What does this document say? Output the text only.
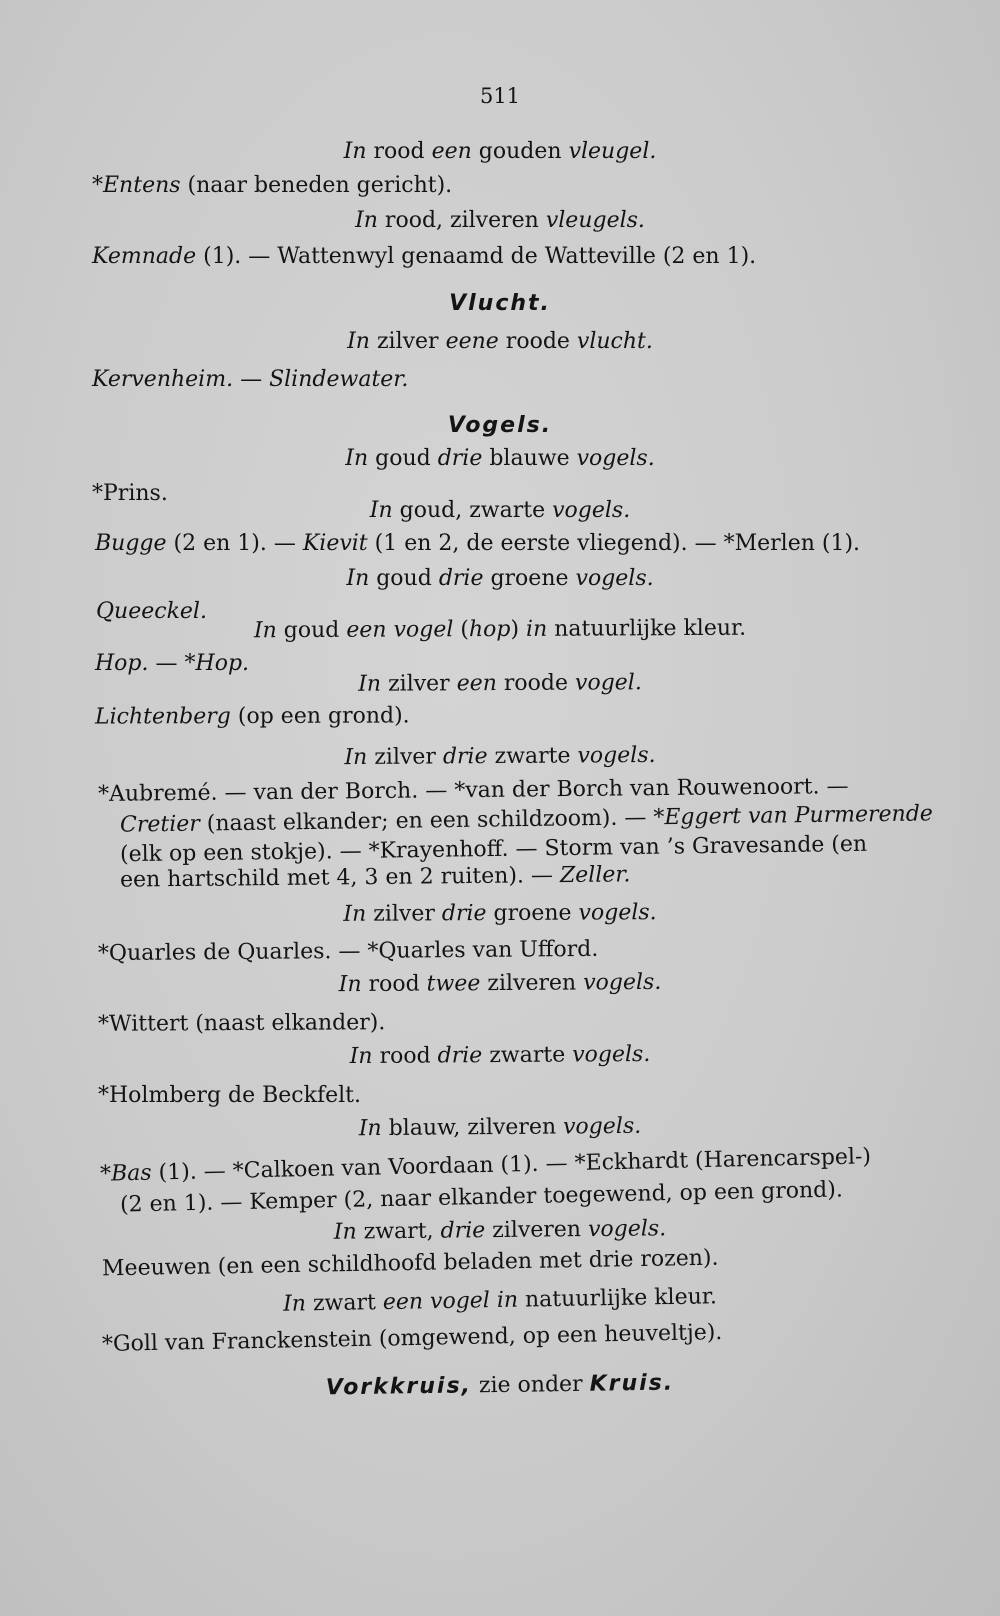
511
In rood een gouden vleugel.
*Entens (naar beneden gericht).
In rood, zilveren vleugels.
Kemnade (1). — Wattenwyl genaamd de Watteville (2 en 1).
Vlucht.
In zilver eene roode vlucht.
Kervenheim. — Slindewater.
Vogels.
In goud drie blauwe vogels.
*Prins.
In goud, zwarte vogels.
Bugge (2 en 1). — Kievit (1 en 2, de eerste vliegend). — *Merlen (1).
In goud drie groene vogels.
Queeckel.
In goud een vogel (hop) in natuurlijke kleur.
Hop. — *Hop.
In zilver een roode vogel.
Lichtenberg (op een grond).
In zilver drie zwarte vogels.
*Aubremé. — van der Borch. — *van der Borch van Rouwenoort. —
Cretier (naast elkander; en een schildzoom). — *Eggert van Purmerende
(elk op een stokje). — *Krayenhoff. — Storm van ’s Gravesande (en
een hartschild met 4, 3 en 2 ruiten). — Zeller.
In zilver drie groene vogels.
*Quarles de Quarles. — *Quarles van Ufford.
In rood twee zilveren vogels.
*Wittert (naast elkander).
In rood drie zwarte vogels.
*Holmberg de Beckfelt.
In blauw, zilveren vogels.
*Bas (1). — *Calkoen van Voordaan (1). — *Eckhardt (Harencarspel-)
(2 en 1). — Kemper (2, naar elkander toegewend, op een grond).
In zwart, drie zilveren vogels.
Meeuwen (en een schildhoofd beladen met drie rozen).
In zwart een vogel in natuurlijke kleur.
*Goll van Franckenstein (omgewend, op een heuveltje).
Vorkkruis, zie onder Kruis.
